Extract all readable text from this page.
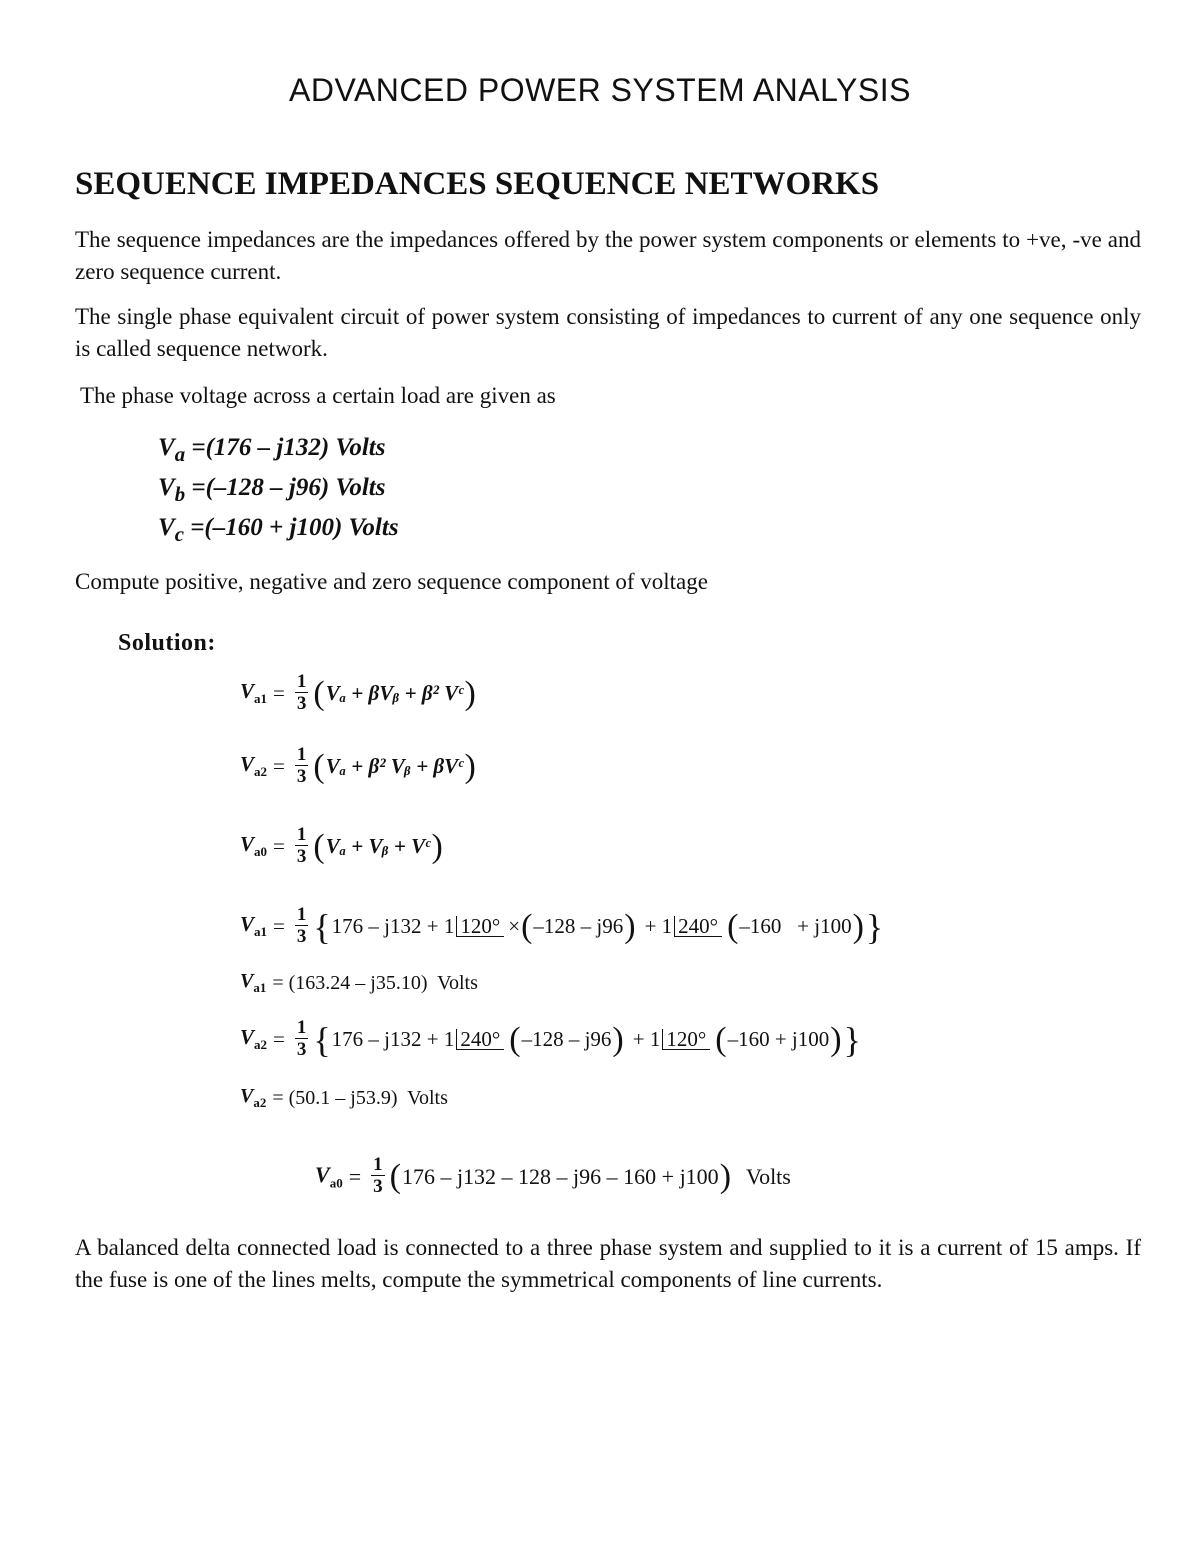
ADVANCED POWER SYSTEM ANALYSIS
SEQUENCE IMPEDANCES SEQUENCE NETWORKS

The sequence impedances are the impedances offered by the power system components or elements to +ve, -ve and zero sequence current.

The single phase equivalent circuit of power system consisting of impedances to current of any one sequence only is called sequence network.

The phase voltage across a certain load are given as

$V_a =(176 - j132)$ Volts
$V_b =(-128 - j96)$ Volts
$V_c =(-160 + j100)$ Volts

Compute positive, negative and zero sequence component of voltage

Solution:
$V_{a1} = \frac{1}{3}$ ( Vₐ + βVᵦ + β² Vᶜ )
$V_{a2} = \frac{1}{3}$ ( Vₐ + β² Vᵦ + βVᶜ )
$V_{a0} = \frac{1}{3}$ ( Vₐ + Vᵦ + Vᶜ )
$V_{a1} = \frac{1}{3}$ { 176 – j132 + 1 120° × ( –128 – j96 ) + 1 240° ( –160   + j100 ) }
$V_{a1} = (163.24 - j35.10)$  Volts
$V_{a2} = \frac{1}{3}$ { 176 – j132 + 1 240° ( –128 – j96 ) + 1 120° ( –160 + j100 ) }
$V_{a2} = (50.1 - j53.9)$  Volts
$V_{a0} = \frac{1}{3}$ ( 176 – j132 – 128 – j96 – 160 + j100 ) Volts

A balanced delta connected load is connected to a three phase system and supplied to it is a current of 15 amps. If the fuse is one of the lines melts, compute the symmetrical components of line currents.
